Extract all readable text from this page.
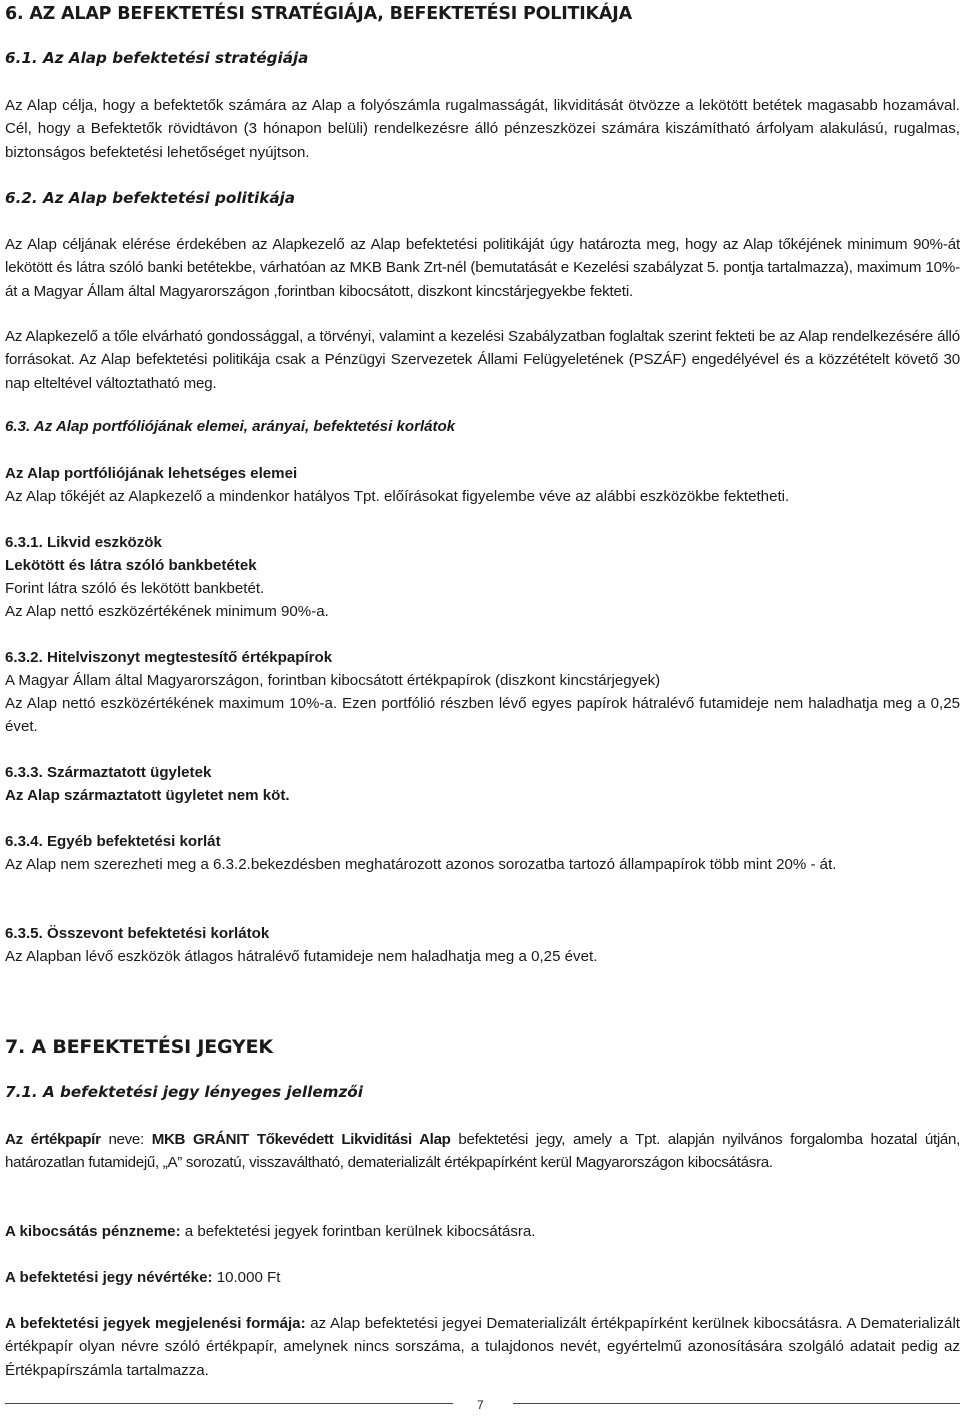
6. AZ ALAP BEFEKTETÉSI STRATÉGIÁJA, BEFEKTETÉSI POLITIKÁJA
6.1. Az Alap befektetési stratégiája

Az Alap célja, hogy a befektetők számára az Alap a folyószámla rugalmasságát, likviditását ötvözze a lekötött betétek magasabb hozamával. Cél, hogy a Befektetők rövidtávon (3 hónapon belüli) rendelkezésre álló pénzeszközei számára kiszámítható árfolyam alakulású, rugalmas, biztonságos befektetési lehetőséget nyújtson.

6.2. Az Alap befektetési politikája

Az Alap céljának elérése érdekében az Alapkezelő az Alap befektetési politikáját úgy határozta meg, hogy az Alap tőkéjének minimum 90%-át lekötött és látra szóló banki betétekbe, várhatóan az MKB Bank Zrt-nél (bemutatását e Kezelési szabályzat 5. pontja tartalmazza), maximum 10%-át a Magyar Állam által Magyarországon ,forintban kibocsátott, diszkont kincstárjegyekbe fekteti.

Az Alapkezelő a tőle elvárható gondossággal, a törvényi, valamint a kezelési Szabályzatban foglaltak szerint fekteti be az Alap rendelkezésére álló forrásokat. Az Alap befektetési politikája csak a Pénzügyi Szervezetek Állami Felügyeletének (PSZÁF) engedélyével és a közzétételt követő 30 nap elteltével változtatható meg.

6.3. Az Alap portfóliójának elemei, arányai, befektetési korlátok
Az Alap portfóliójának lehetséges elemei
Az Alap tőkéjét az Alapkezelő a mindenkor hatályos Tpt. előírásokat figyelembe véve az alábbi eszközökbe fektetheti.
6.3.1. Likvid eszközök
Lekötött és látra szóló bankbetétek
Forint látra szóló és lekötött bankbetét.
Az Alap nettó eszközértékének minimum 90%-a.
6.3.2. Hitelviszonyt megtestesítő értékpapírok
A Magyar Állam által Magyarországon, forintban kibocsátott értékpapírok (diszkont kincstárjegyek)

Az Alap nettó eszközértékének maximum 10%-a. Ezen portfólió részben lévő egyes papírok hátralévő futamideje nem haladhatja meg a 0,25 évet.

6.3.3. Származtatott ügyletek
Az Alap származtatott ügyletet nem köt.
6.3.4. Egyéb befektetési korlát

Az Alap nem szerezheti meg a 6.3.2.bekezdésben meghatározott azonos sorozatba tartozó állampapírok több mint 20% - át.

6.3.5. Összevont befektetési korlátok
Az Alapban lévő eszközök átlagos hátralévő futamideje nem haladhatja meg a 0,25 évet.
7. A BEFEKTETÉSI JEGYEK
7.1. A befektetési jegy lényeges jellemzői

Az értékpapír neve: MKB GRÁNIT Tőkevédett Likviditási Alap befektetési jegy, amely a Tpt. alapján nyilvános forgalomba hozatal útján, határozatlan futamidejű, „A” sorozatú, visszaváltható, dematerializált értékpapírként kerül Magyarországon kibocsátásra.

A kibocsátás pénzneme: a befektetési jegyek forintban kerülnek kibocsátásra.

A befektetési jegy névértéke: 10.000 Ft

A befektetési jegyek megjelenési formája: az Alap befektetési jegyei Dematerializált értékpapírként kerülnek kibocsátásra. A Dematerializált értékpapír olyan névre szóló értékpapír, amelynek nincs sorszáma, a tulajdonos nevét, egyértelmű azonosítására szolgáló adatait pedig az Értékpapírszámla tartalmazza.

7
